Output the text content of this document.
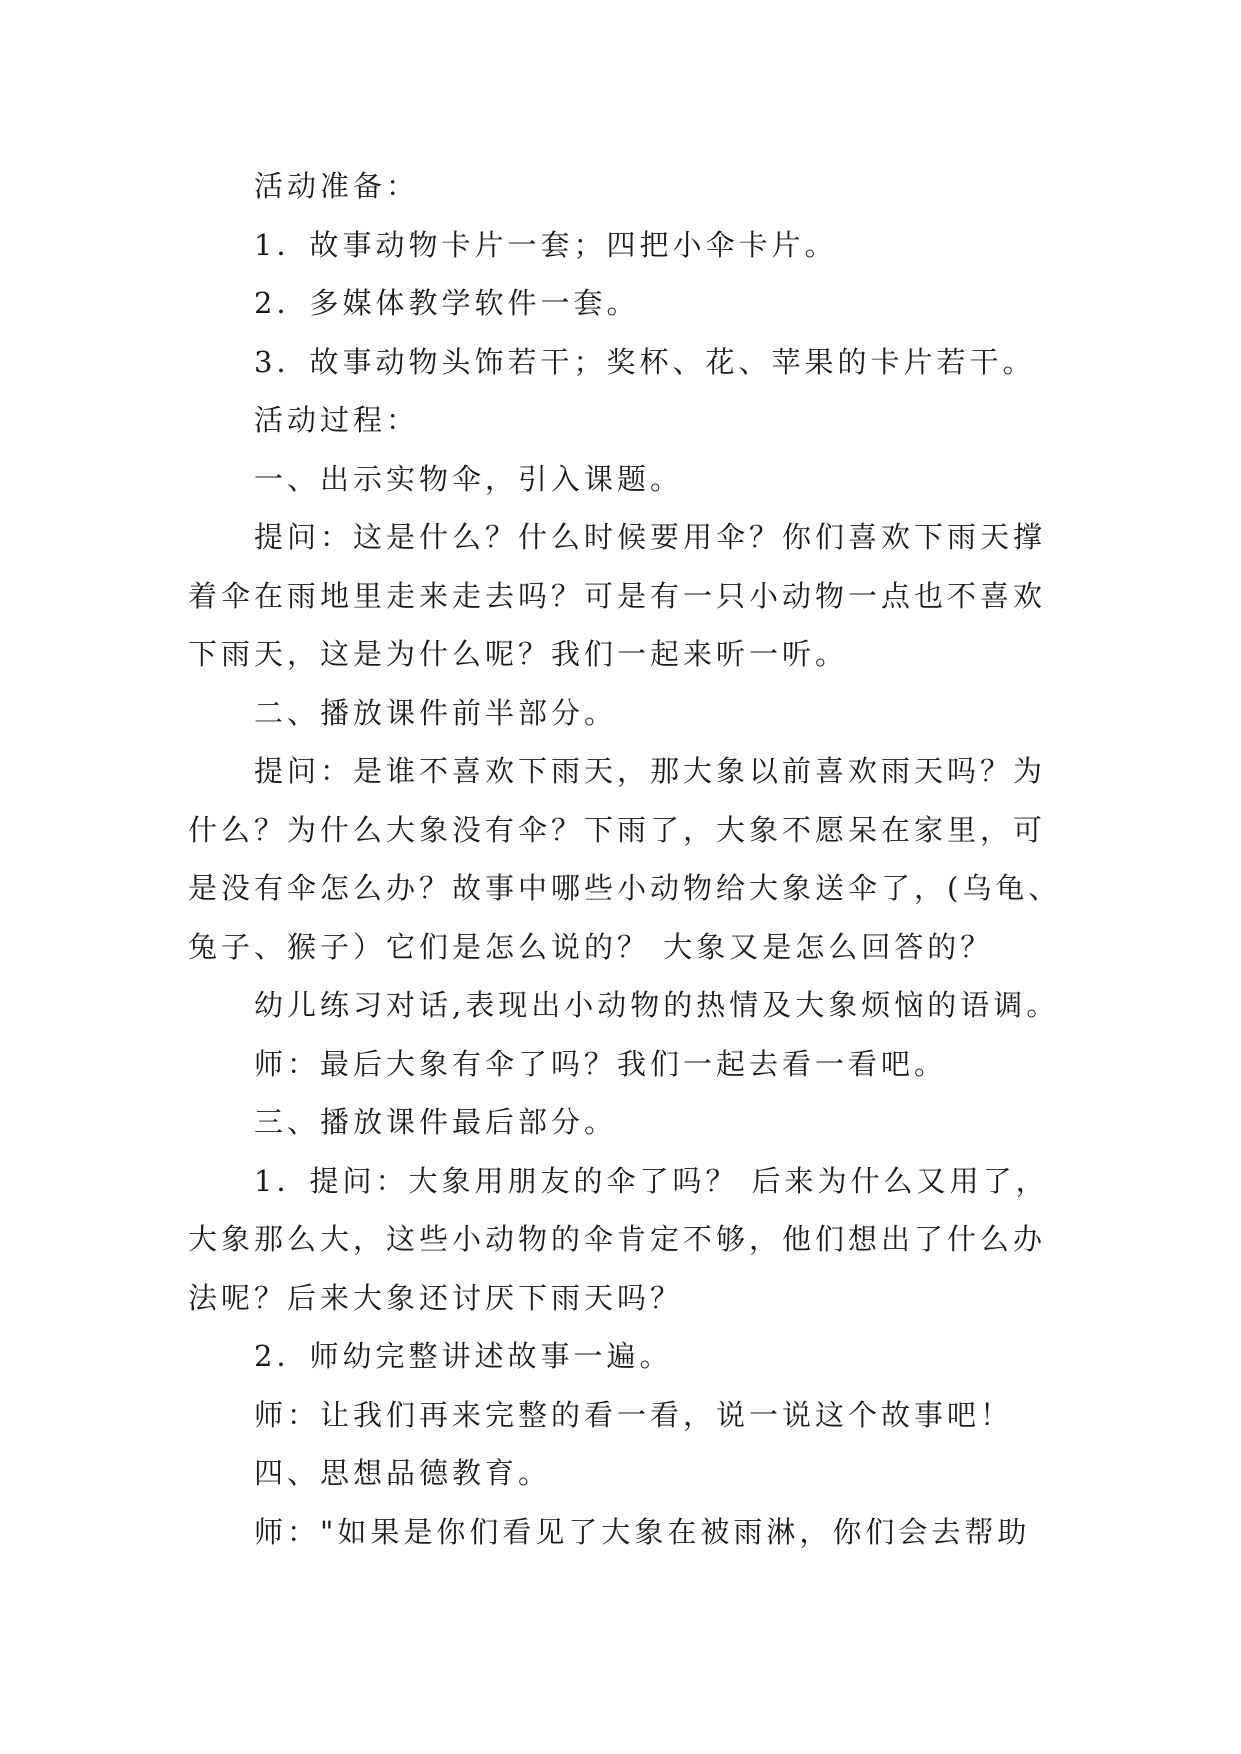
活动准备：

1．故事动物卡片一套；四把小伞卡片。

2．多媒体教学软件一套。

3．故事动物头饰若干；奖杯、花、苹果的卡片若干。

活动过程：

一、出示实物伞，引入课题。

提问：这是什么？什么时候要用伞？你们喜欢下雨天撑着伞在雨地里走来走去吗？可是有一只小动物一点也不喜欢下雨天，这是为什么呢？我们一起来听一听。

二、播放课件前半部分。

提问：是谁不喜欢下雨天，那大象以前喜欢雨天吗？为什么？为什么大象没有伞？下雨了，大象不愿呆在家里，可是没有伞怎么办？故事中哪些小动物给大象送伞了，(乌龟、兔子、猴子）它们是怎么说的？ 大象又是怎么回答的？

幼儿练习对话,表现出小动物的热情及大象烦恼的语调。

师：最后大象有伞了吗？我们一起去看一看吧。

三、播放课件最后部分。

1．提问：大象用朋友的伞了吗？ 后来为什么又用了，大象那么大，这些小动物的伞肯定不够，他们想出了什么办法呢？后来大象还讨厌下雨天吗？

2．师幼完整讲述故事一遍。

师：让我们再来完整的看一看，说一说这个故事吧！

四、思想品德教育。

师："如果是你们看见了大象在被雨淋，你们会去帮助
